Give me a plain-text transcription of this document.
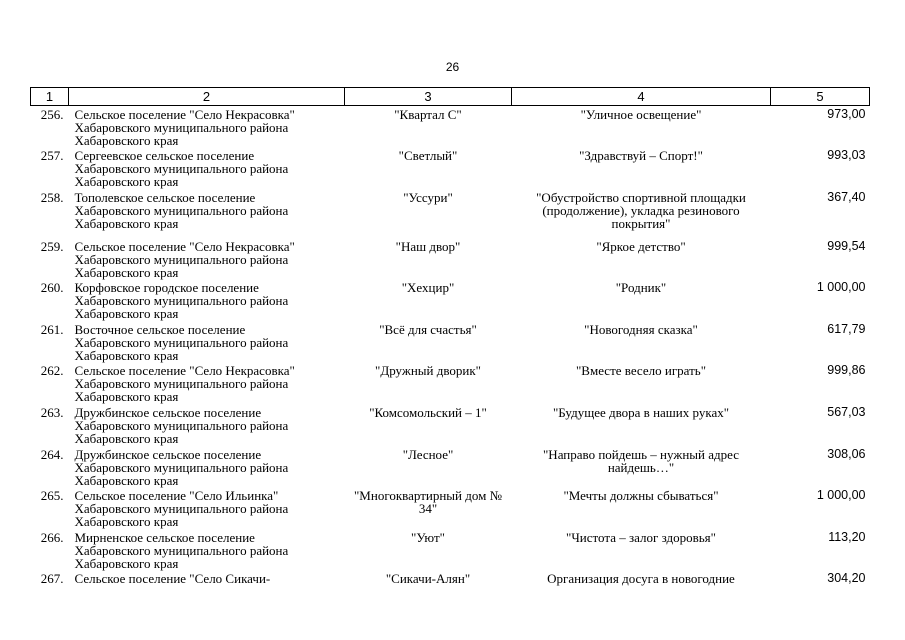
26
1	2	3	4	5
256.	Сельское поселение "Село Некрасовка"
Хабаровского муниципального района
Хабаровского края	"Квартал С"	"Уличное освещение"	973,00
257.	Сергеевское сельское поселение
Хабаровского муниципального района
Хабаровского края	"Светлый"	"Здравствуй – Спорт!"	993,03
258.	Тополевское сельское поселение
Хабаровского муниципального района
Хабаровского края	"Уссури"	"Обустройство спортивной площадки (продолжение), укладка резинового покрытия"	367,40
259.	Сельское поселение "Село Некрасовка"
Хабаровского муниципального района
Хабаровского края	"Наш двор"	"Яркое детство"	999,54
260.	Корфовское городское поселение
Хабаровского муниципального района
Хабаровского края	"Хехцир"	"Родник"	1 000,00
261.	Восточное сельское поселение
Хабаровского муниципального района
Хабаровского края	"Всё для счастья"	"Новогодняя сказка"	617,79
262.	Сельское поселение "Село Некрасовка"
Хабаровского муниципального района
Хабаровского края	"Дружный дворик"	"Вместе весело играть"	999,86
263.	Дружбинское сельское поселение
Хабаровского муниципального района
Хабаровского края	"Комсомольский – 1"	"Будущее двора в наших руках"	567,03
264.	Дружбинское сельское поселение
Хабаровского муниципального района
Хабаровского края	"Лесное"	"Направо пойдешь – нужный адрес найдешь…"	308,06
265.	Сельское поселение "Село Ильинка"
Хабаровского муниципального района
Хабаровского края	"Многоквартирный дом № 34"	"Мечты должны сбываться"	1 000,00
266.	Мирненское сельское поселение
Хабаровского муниципального района
Хабаровского края	"Уют"	"Чистота – залог здоровья"	113,20
267.	Сельское поселение "Село Сикачи-	"Сикачи-Алян"	Организация досуга в новогодние	304,20
